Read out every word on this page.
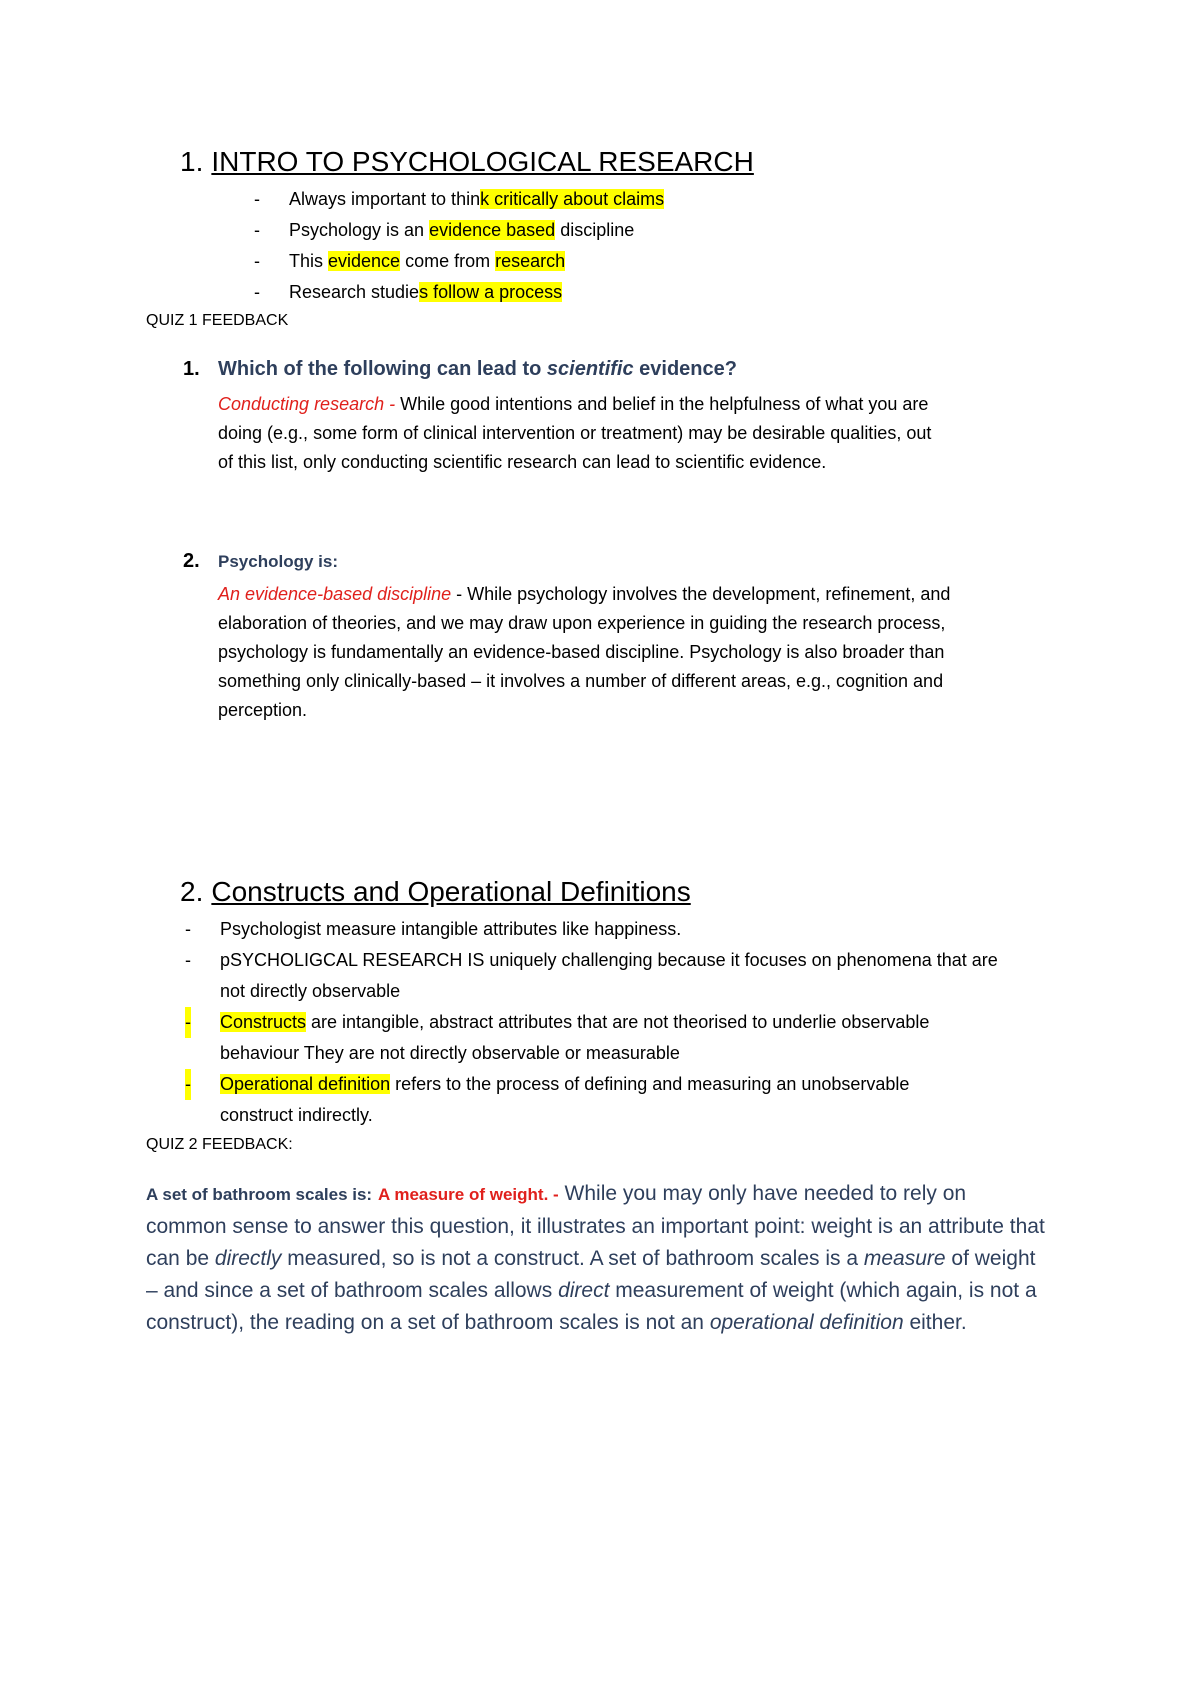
1. INTRO TO PSYCHOLOGICAL RESEARCH
- Always important to think critically about claims
- Psychology is an evidence based discipline
- This evidence come from research
- Research studies follow a process
QUIZ 1 FEEDBACK
1. Which of the following can lead to scientific evidence?
Conducting research - While good intentions and belief in the helpfulness of what you are
doing (e.g., some form of clinical intervention or treatment) may be desirable qualities, out
of this list, only conducting scientific research can lead to scientific evidence.
2. Psychology is:
An evidence-based discipline - While psychology involves the development, refinement, and
elaboration of theories, and we may draw upon experience in guiding the research process,
psychology is fundamentally an evidence-based discipline. Psychology is also broader than
something only clinically-based – it involves a number of different areas, e.g., cognition and
perception.
2. Constructs and Operational Definitions
- Psychologist measure intangible attributes like happiness.
- pSYCHOLIGCAL RESEARCH IS uniquely challenging because it focuses on phenomena that are
not directly observable
- Constructs are intangible, abstract attributes that are not theorised to underlie observable
behaviour They are not directly observable or measurable
- Operational definition refers to the process of defining and measuring an unobservable
construct indirectly.
QUIZ 2 FEEDBACK:
A set of bathroom scales is: A measure of weight. - While you may only have needed to rely on common sense to answer this question, it illustrates an important point: weight is an attribute that can be directly measured, so is not a construct. A set of bathroom scales is a measure of weight – and since a set of bathroom scales allows direct measurement of weight (which again, is not a construct), the reading on a set of bathroom scales is not an operational definition either.
